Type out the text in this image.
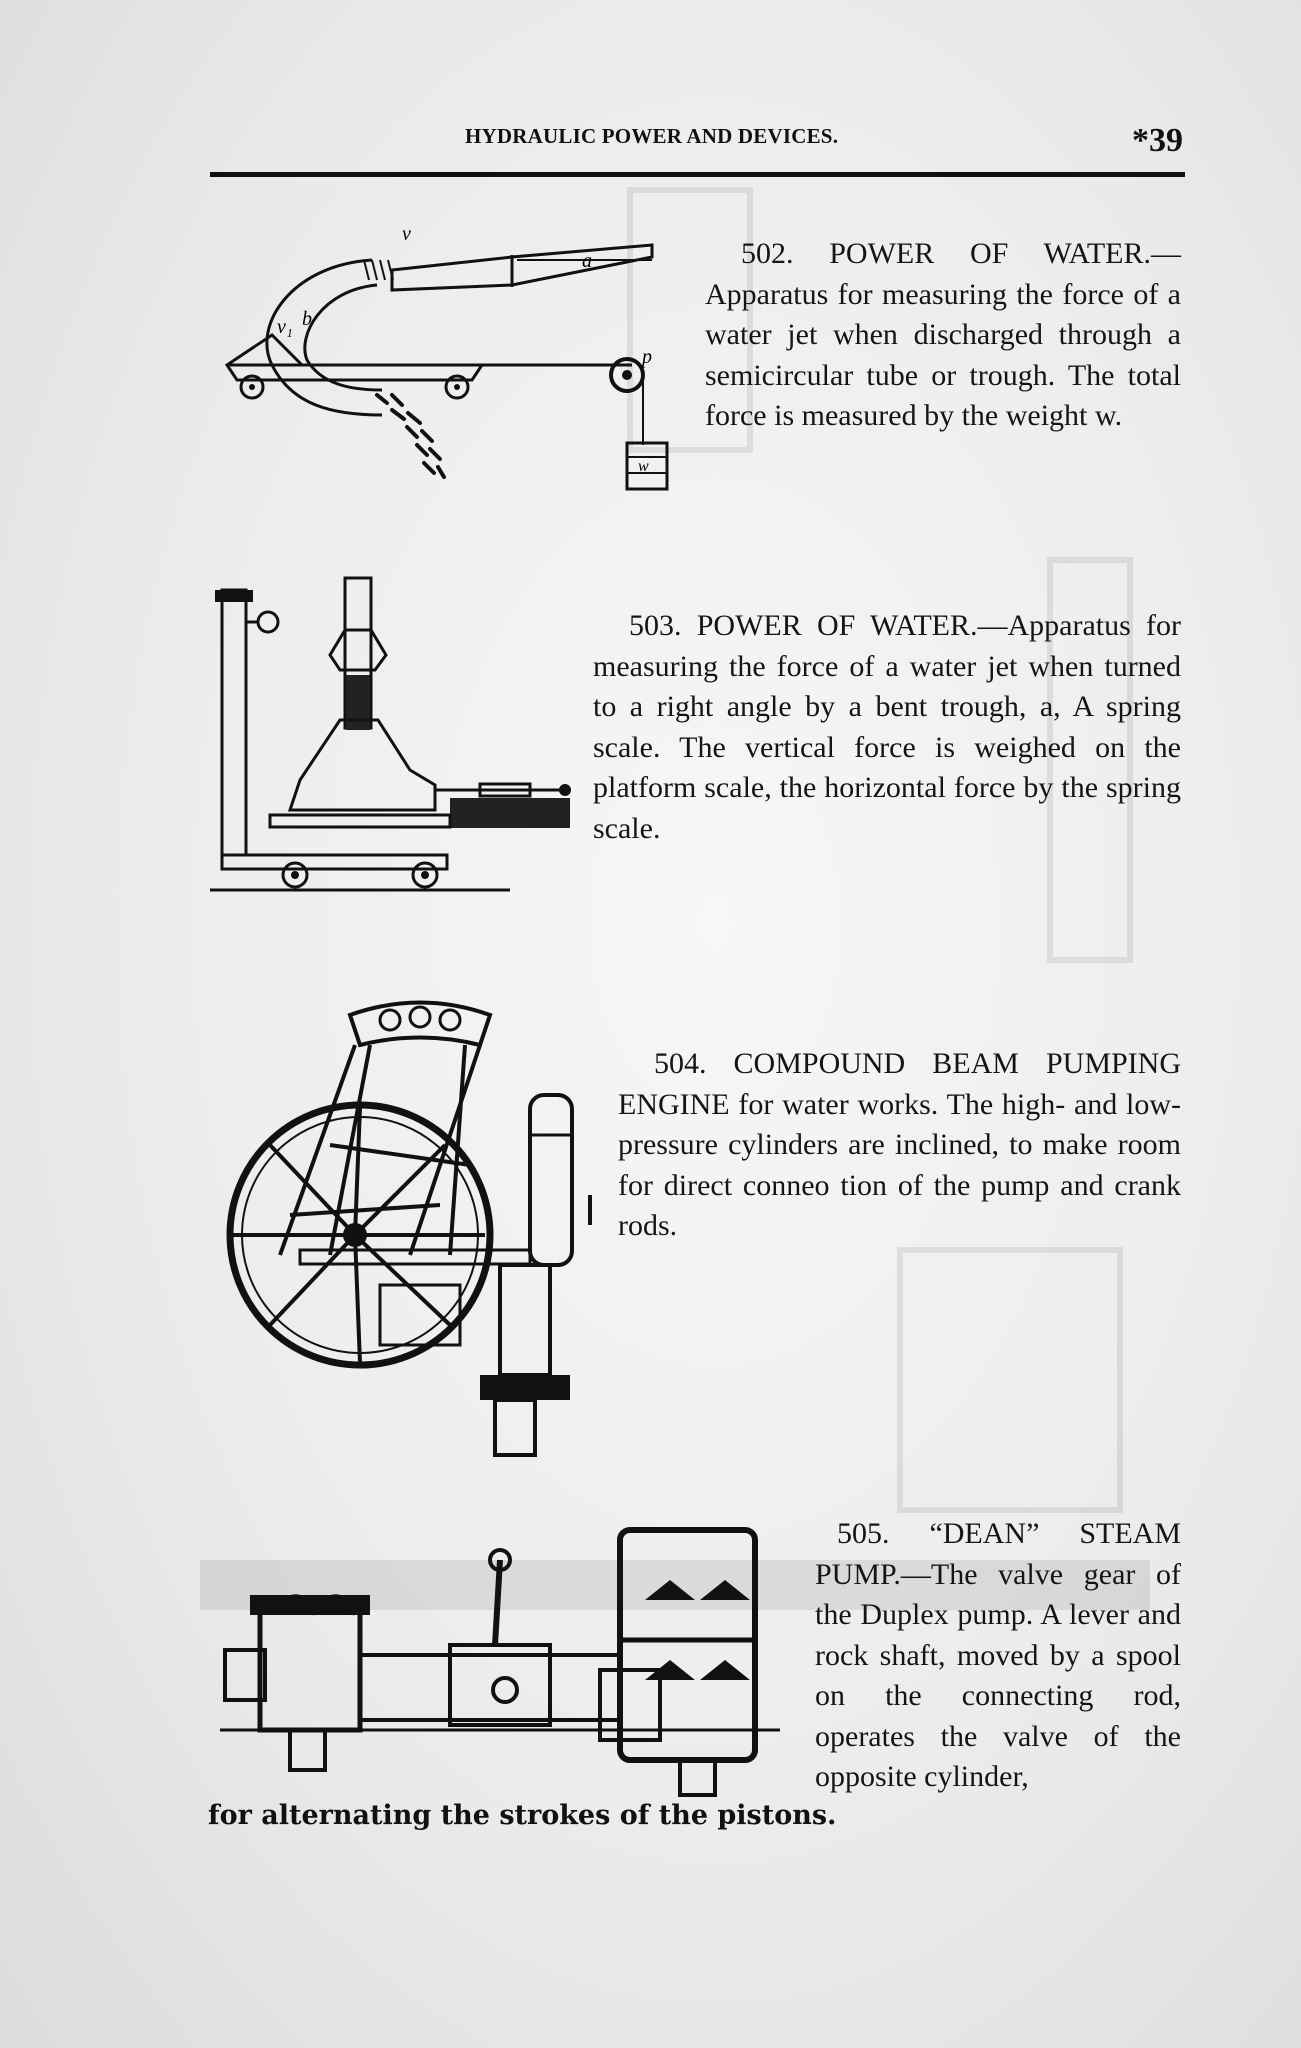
HYDRAULIC POWER AND DEVICES.	*39
v
a
v₁ b
p
w
502. POWER OF WATER.— Apparatus for measuring the force of a water jet when discharged through a semicircular tube or trough. The total force is measured by the weight w.
503. POWER OF WATER.—Apparatus for measuring the force of a water jet when turned to a right angle by a bent trough, a, A spring scale. The vertical force is weighed on the platform scale, the horizontal force by the spring scale.
504. COMPOUND BEAM PUMPING ENGINE for water works. The high- and low-pressure cylinders are inclined, to make room for direct conneo tion of the pump and crank rods.
505. “DEAN” STEAM PUMP.—The valve gear of the Duplex pump. A lever and rock shaft, moved by a spool on the connecting rod, operates the valve of the opposite cylinder,
for alternating the strokes of the pistons.
